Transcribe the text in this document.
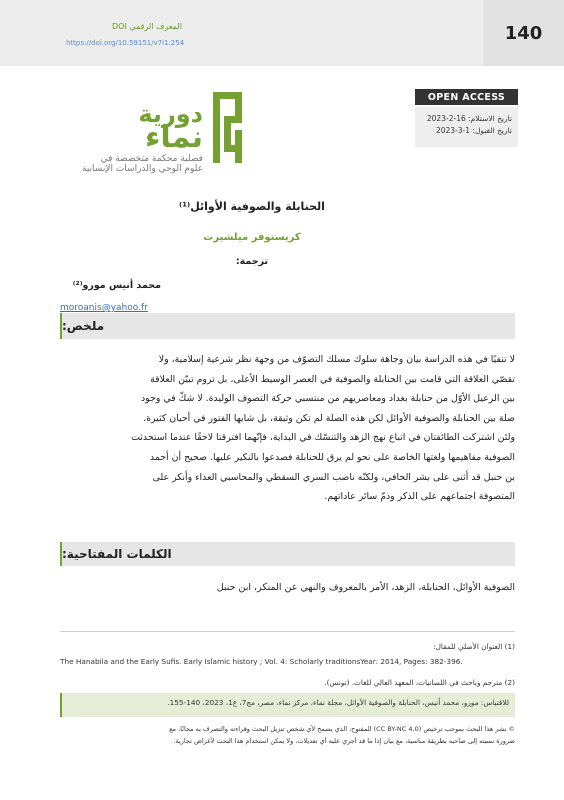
140
المعرف الرقمي DOI
https://doi.org/10.59151/v7i1.254
OPEN ACCESS
تاريخ الاستلام: 16-2-2023
تاريخ القبول: 1-3-2023
دورية
نماء
فصلية محكمة متخصصة في
علوم الوحي والدراسات الإنسانية
الحنابلة والصوفية الأوائل⁽¹⁾
كريستوفر ميلشيرت
ترجمة:
محمد أنيس مورو⁽²⁾
moroanis@yahoo.fr
ملخص:
لا تنفيًا في هذه الدراسة بيان وجاهة سلوك مسلك التصوّف من وجهة نظر شرعية إسلامية، ولا
تقصّي العلاقة التي قامت بين الحنابلة والصوفية في العصر الوسيط الأعلى، بل تروم تبيّن العلاقة
بين الرعيل الأوّل من حنابلة بغداد ومعاصريهم من منتسبي حركة التصوف الوليدة. لا شكّ في وجود
صلة بين الحنابلة والصوفية الأوائل لكن هذه الصلة لم تكن وثيقة، بل شابها الفتور في أحيان كثيرة.
ولئن اشتركت الطائفتان في اتباع نهج الزهد والتنسّك في البداية، فإنّهما افترقتا لاحقًا عندما استحدثت
الصوفية مفاهيمها ولغتها الخاصة على نحو لم يرق للحنابلة فصدعوا بالنكير عليها. صحيح أن أحمد
بن حنبل قد أثنى على بشر الحافي، ولكنّه ناصب السري السقطي والمحاسبي العداء وأنكر على
المتصوفة اجتماعهم على الذكر وذمّ سائر عاداتهم.
الكلمات المفتاحية:
الصوفية الأوائل، الحنابلة، الزهد، الأمر بالمعروف والنهي عن المنكر، ابن حنبل
(1) العنوان الأصلي للمقال:
The Hanabila and the Early Sufis. Early Islamic history ; Vol. 4: Scholarly traditionsYear: 2014, Pages: 382-396.
(2) مترجم وباحث في اللسانيات، المعهد العالي للغات. (تونس).
للاقتباس: مورو، محمد أنيس، الحنابلة والصوفية الأوائل، مجلة نماء، مركز نماء، مصر، مج7، ع1، 2023، 140-155.
© نشر هذا البحث بموجب ترخيص (CC BY-NC 4.0) المفتوح، الذي يسمح لأي شخص تنزيل البحث وقراءته والتصرف به مجانًا، مع
ضرورة نسبته إلى صاحبه بطريقة مناسبة، مع بيان إذا ما قد أجري عليه أي تعديلات، ولا يمكن استخدام هذا البحث لأغراض تجارية.
